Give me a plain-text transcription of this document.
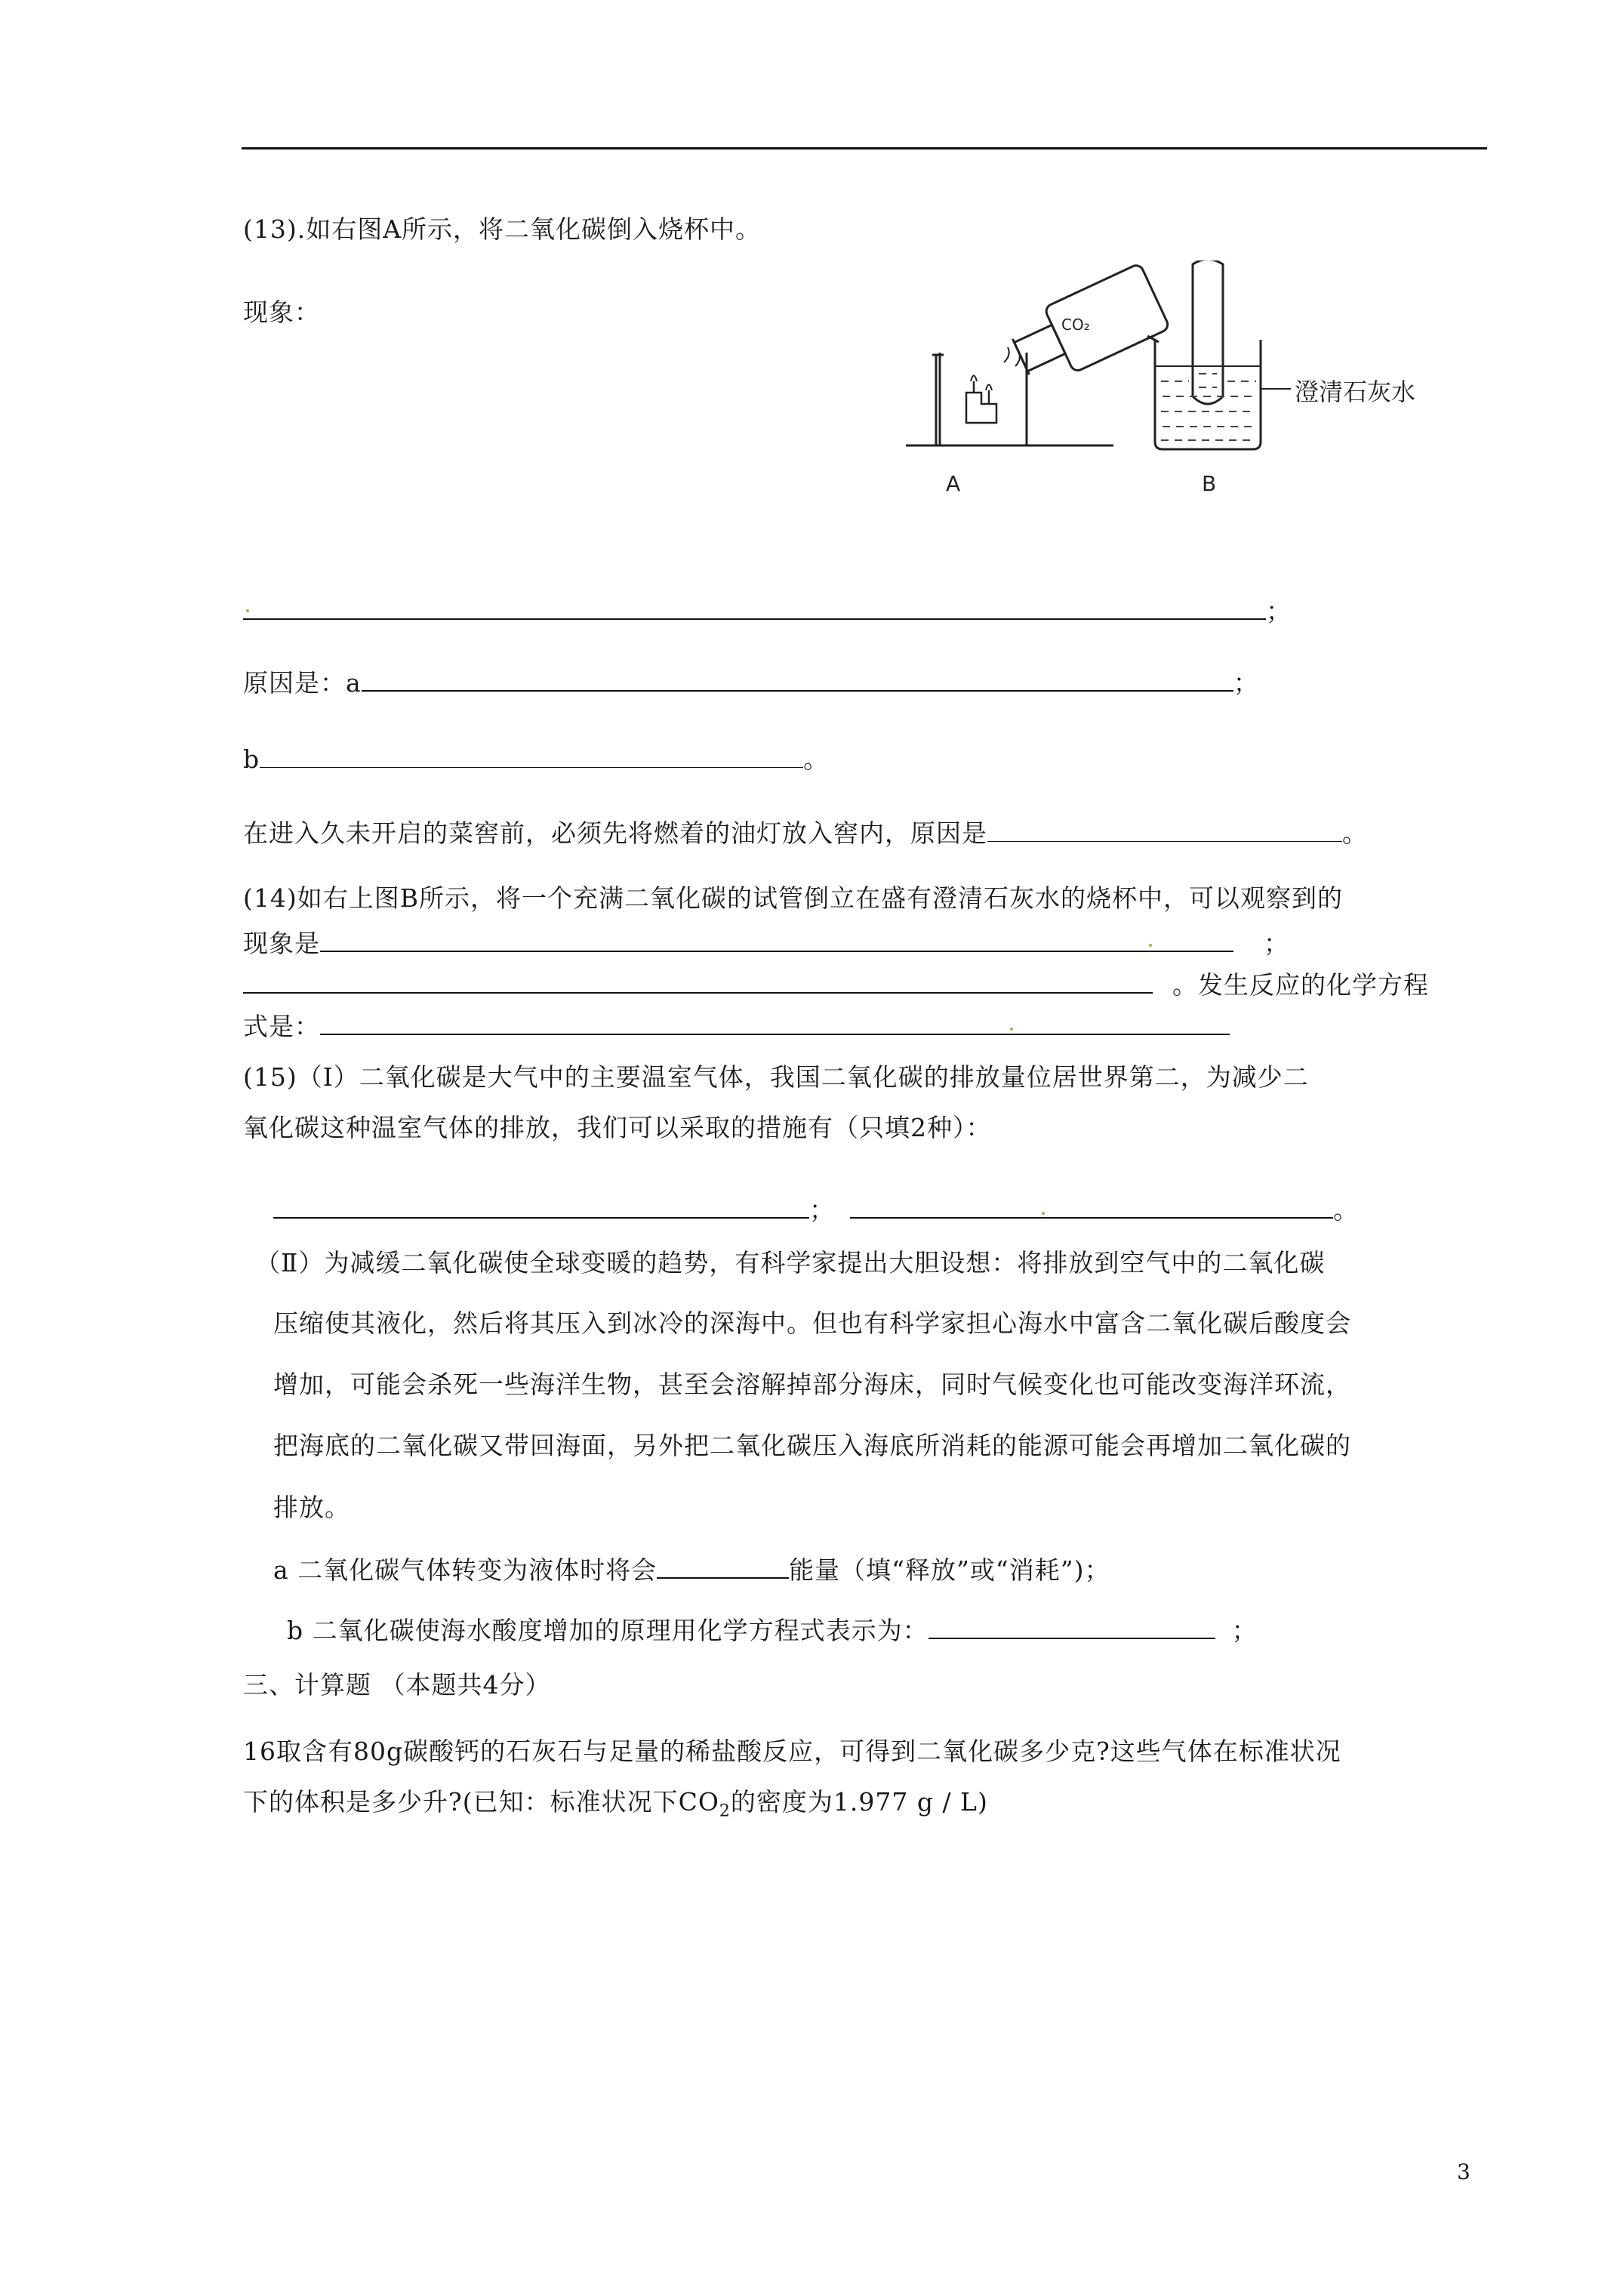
(13).如右图A所示，将二氧化碳倒入烧杯中。
现象：	CO₂
A
澄清石灰水
B
；
原因是：a	；
b	。
在进入久未开启的菜窖前，必须先将燃着的油灯放入窖内，原因是	。
(14)如右上图B所示，将一个充满二氧化碳的试管倒立在盛有澄清石灰水的烧杯中，可以观察到的
现象是	；
。发生反应的化学方程
式是：
(15)（Ⅰ）二氧化碳是大气中的主要温室气体，我国二氧化碳的排放量位居世界第二，为减少二
氧化碳这种温室气体的排放，我们可以采取的措施有（只填2种）：
；	。
（Ⅱ）为减缓二氧化碳使全球变暖的趋势，有科学家提出大胆设想：将排放到空气中的二氧化碳
压缩使其液化，然后将其压入到冰冷的深海中。但也有科学家担心海水中富含二氧化碳后酸度会
增加，可能会杀死一些海洋生物，甚至会溶解掉部分海床，同时气候变化也可能改变海洋环流，
把海底的二氧化碳又带回海面，另外把二氧化碳压入海底所消耗的能源可能会再增加二氧化碳的
排放。
a 二氧化碳气体转变为液体时将会	能量（填“释放”或“消耗”)；
b 二氧化碳使海水酸度增加的原理用化学方程式表示为：	；
三、计算题 （本题共4分）
16取含有80g碳酸钙的石灰石与足量的稀盐酸反应，可得到二氧化碳多少克?这些气体在标准状况
下的体积是多少升?(已知：标准状况下$CO_2$的密度为1.977 g / L)
3
